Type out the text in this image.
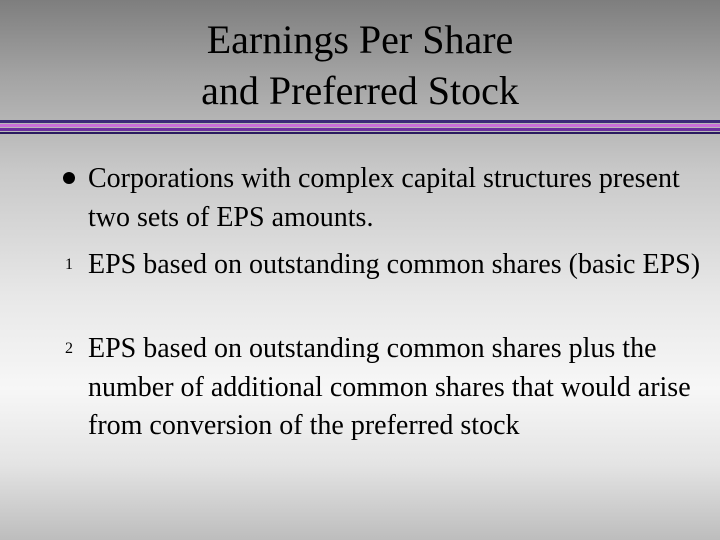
Earnings Per Share
and Preferred Stock
Corporations with complex capital structures present two sets of EPS amounts.
1 EPS based on outstanding common shares (basic EPS)
2 EPS based on outstanding common shares plus the number of additional common shares that would arise from conversion of the preferred stock
